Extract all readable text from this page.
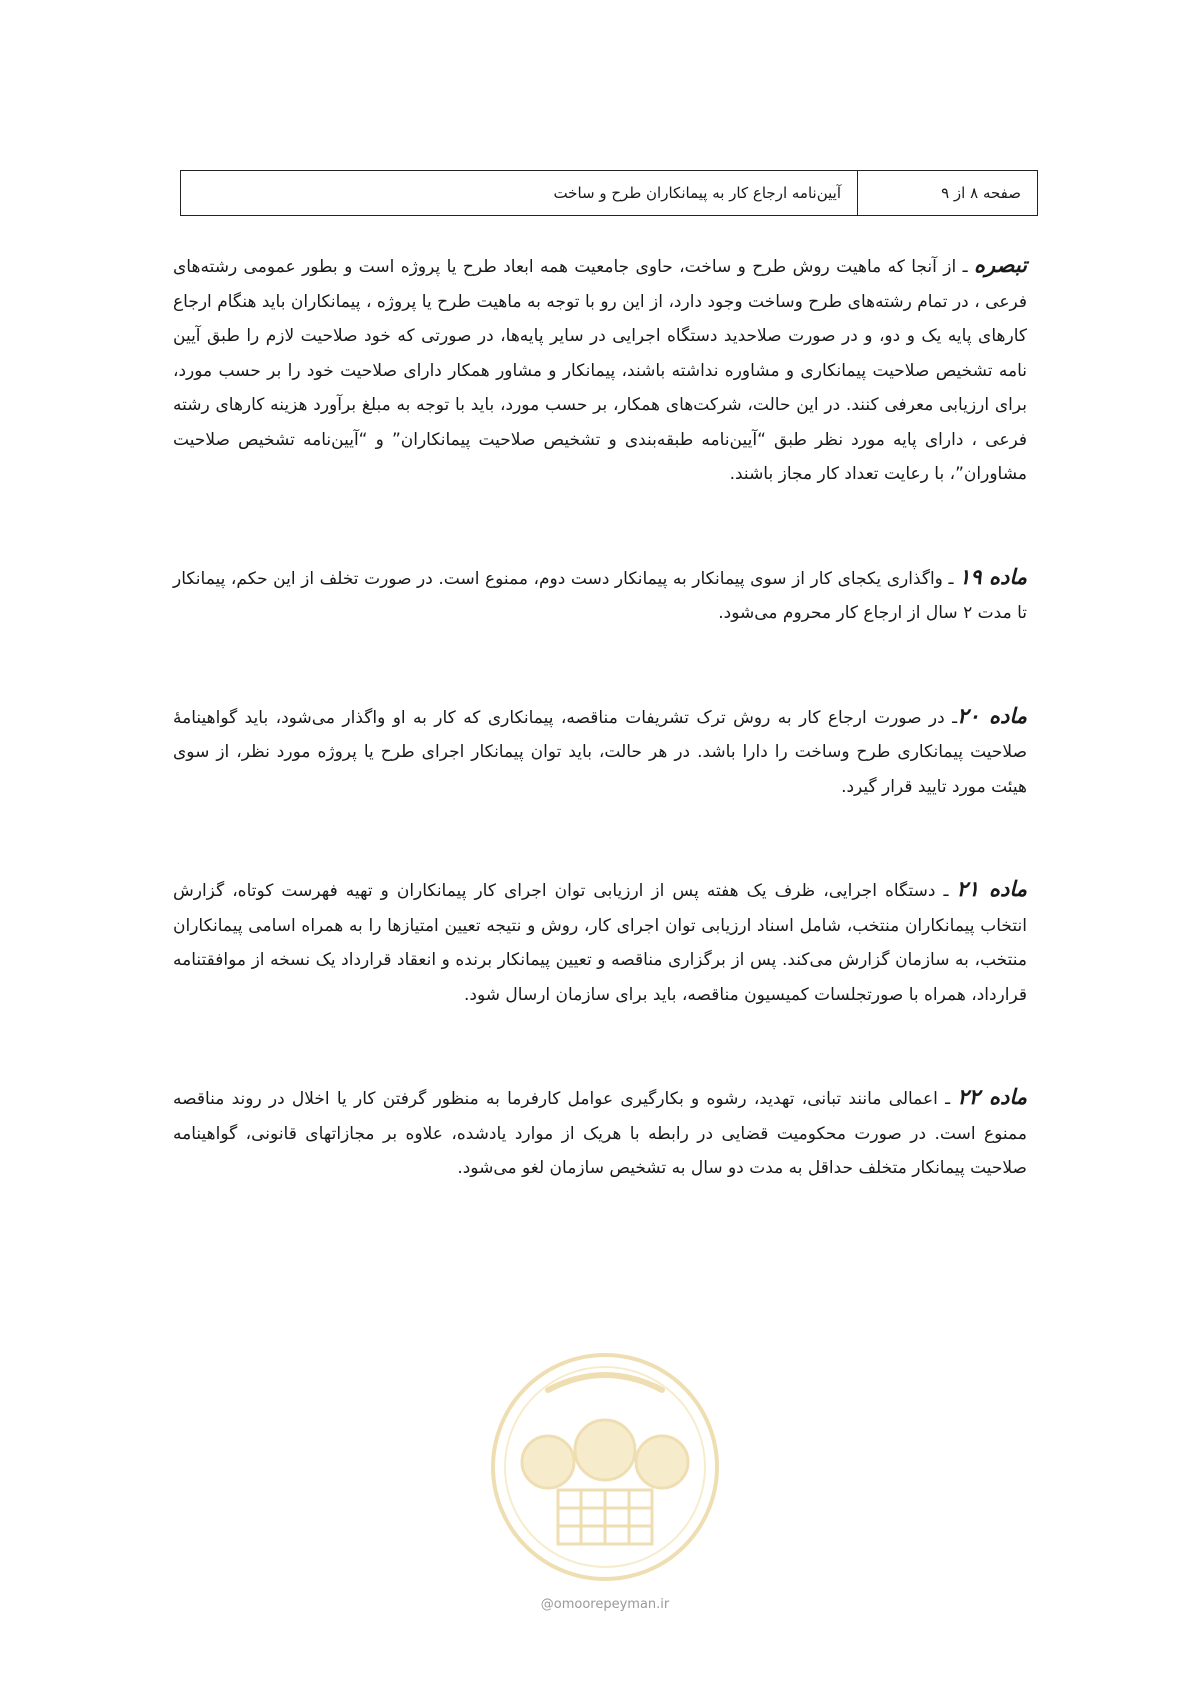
صفحه ۸ از ۹
آیین‌نامه ارجاع کار به پیمانکاران طرح و ساخت

تبصره ـ از آنجا که ماهیت روش طرح و ساخت، حاوی جامعیت همه ابعاد طرح یا پروژه است و بطور عمومی رشته‌های فرعی ، در تمام رشته‌های طرح وساخت وجود دارد، از این رو با توجه به ماهیت طرح یا پروژه ، پیمانکاران باید هنگام ارجاع کارهای پایه یک و دو، و در صورت صلاحدید دستگاه اجرایی در سایر پایه‌ها، در صورتی که خود صلاحیت لازم را طبق آیین نامه تشخیص صلاحیت پیمانکاری و مشاوره نداشته باشند، پیمانکار و مشاور همکار دارای صلاحیت خود را بر حسب مورد، برای ارزیابی معرفی کنند. در این حالت، شرکت‌های همکار، بر حسب مورد، باید با توجه به مبلغ برآورد هزینه کارهای رشته فرعی ، دارای پایه مورد نظر طبق “آیین‌نامه طبقه‌بندی و تشخیص صلاحیت پیمانکاران” و “آیین‌نامه تشخیص صلاحیت مشاوران”، با رعایت تعداد کار مجاز باشند.

ماده ۱۹ ـ واگذاری یکجای کار از سوی پیمانکار به پیمانکار دست دوم، ممنوع است. در صورت تخلف از این حکم، پیمانکار تا مدت ۲ سال از ارجاع کار محروم می‌شود.

ماده ۲۰ـ در صورت ارجاع کار به روش ترک تشریفات مناقصه، پیمانکاری که کار به او واگذار می‌شود، باید گواهینامهٔ صلاحیت پیمانکاری طرح وساخت را دارا باشد. در هر حالت، باید توان پیمانکار اجرای طرح یا پروژه مورد نظر، از سوی هیئت مورد تایید قرار گیرد.

ماده ۲۱ ـ دستگاه اجرایی، ظرف یک هفته پس از ارزیابی توان اجرای کار پیمانکاران و تهیه فهرست کوتاه، گزارش انتخاب پیمانکاران منتخب، شامل اسناد ارزیابی توان اجرای کار، روش و نتیجه تعیین امتیازها را به همراه اسامی پیمانکاران منتخب، به سازمان گزارش می‌کند. پس از برگزاری مناقصه و تعیین پیمانکار برنده و انعقاد قرارداد یک نسخه از موافقتنامه قرارداد، همراه با صورتجلسات کمیسیون مناقصه، باید برای سازمان ارسال شود.

ماده ۲۲ ـ اعمالی مانند تبانی، تهدید، رشوه و بکارگیری عوامل کارفرما به منظور گرفتن کار یا اخلال در روند مناقصه ممنوع است. در صورت محکومیت قضایی در رابطه با هریک از موارد یادشده، علاوه بر مجازاتهای قانونی، گواهینامه صلاحیت پیمانکار متخلف حداقل به مدت دو سال به تشخیص سازمان لغو می‌شود.

@omoorepeyman.ir
